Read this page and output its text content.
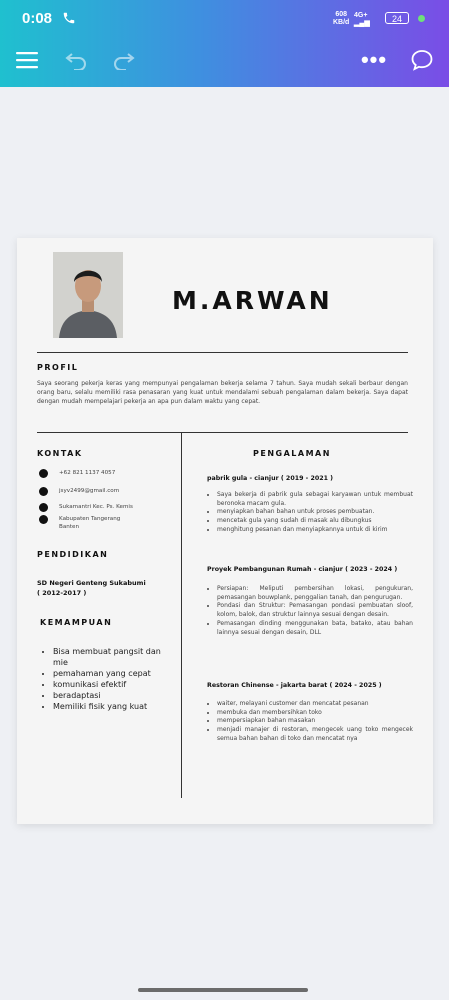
0:08	608
KB/d
4G+
▂▄▆	24
•••
M.ARWAN
PROFIL
Saya seorang pekerja keras yang mempunyai pengalaman bekerja selama 7 tahun. Saya mudah sekali berbaur dengan orang baru, selalu memiliki rasa penasaran yang kuat untuk mendalami sebuah pengalaman dalam bekerja. Saya dapat dengan mudah mempelajari pekerja an apa pun dalam waktu yang cepat.
KONTAK
+62 821 1137 4057
jsyv2499@gmail.com
Sukamantri Kec. Ps. Kemis
Kabupaten Tangerang
Banten
PENDIDIKAN
SD Negeri Genteng Sukabumi
( 2012-2017 )
KEMAMPUAN
• Bisa membuat pangsit dan mie
• pemahaman yang cepat
• komunikasi efektif
• beradaptasi
• Memiliki fisik yang kuat
PENGALAMAN
pabrik gula - cianjur ( 2019 - 2021 )
• Saya bekerja di pabrik gula sebagai karyawan untuk membuat beronoka macam gula.
• menyiapkan bahan bahan untuk proses pembuatan.
• mencetak gula yang sudah di masak alu dibungkus
• menghitung pesanan dan menyiapkannya untuk di kirim
Proyek Pembangunan Rumah - cianjur ( 2023 - 2024 )
• Persiapan: Meliputi pembersihan lokasi, pengukuran, pemasangan bouwplank, penggalian tanah, dan pengurugan.
• Pondasi dan Struktur: Pemasangan pondasi pembuatan sloof, kolom, balok, dan struktur lainnya sesuai dengan desain.
• Pemasangan dinding menggunakan bata, batako, atau bahan lainnya sesuai dengan desain, DLL
Restoran Chinense - jakarta barat ( 2024 - 2025 )
• waiter, melayani customer dan mencatat pesanan
• membuka dan membersihkan toko
• mempersiapkan bahan masakan
• menjadi manajer di restoran, mengecek uang toko mengecek semua bahan bahan di toko dan mencatat nya
